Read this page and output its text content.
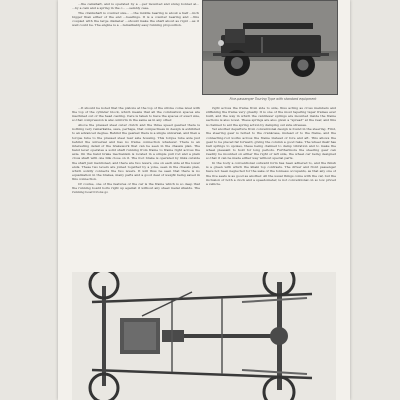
...the camshaft, and is operated by a ...per mounted and slung bonnet al... ...by a cam and a spring in the c... ...sembly case.

The crankshaft is counter size... ...the middle bearing is about a half ...inch bigger than either of the end ...bearings. It is a counter bearing and ...this coupled with the large diameter ...should make the shaft about as rigid ...as it well could be. The engine is a ...remarkably easy running proposition.

Five-passenger Touring Type with standard equipment

...It should be noted that the pistons at the top of the stroke come level with the top of the cylinder block, which means that all the combustion spaces are machined out of the head casting. Care is taken to have the spaces of exact size, so that compression is also uniform in the same as in any other.

Above the pressed steel outer clutch and the three speed gearset there is nothing very remarkable, save, perhaps, that compactness in design is exhibited to an advanced degree. Behind the gearset there is a single universal, and then a torque tube to the pressed steel rear axle housing. This torque tube axle just behind the universal and has no frame connection whatever. There is an interesting detail of the brakework that can be seen in the chassis plan. The hand lever operates a solid shaft running from frame to frame right across the axle. On the hand brake mechanism is located in a simple pull rod and a plain cross shaft with one link close on it. The foot brake is operated by links outside the shaft just mentioned, and there are two levers, one on each side at the lower ends. These two levers are joined together by a yoke, seen in the chassis plan, which solidly connects the two levers. It will thus be seen that there is no equalization in the brakes, many parts and a good deal of weight being saved in this connection.

Of course, one of the features of the car is the frame which is so deep that the running board bolts right up against it without any sheet metal shields. The running board irons go

right across the frame from side to side, thus acting as cross members and stiffening the frame very greatly. It is one of the most tapering taper frames ever built, and the way in which the cantilever springs are mounted inside the frame sections is also novel. These springs are also given a "spread" at the rear, and this is claimed to aid the spring action by damping out side stresses.

Yet another departure from conventional design is found in the steering. First, the steering gear is bolted to the crankcase, instead of to the frame, and the connecting-rod works across the frame instead of fore and aft. This allows the gear to be placed far forward, giving the column a good rake. The wheel itself has ball springs to spokes, these being claimed to damp vibration and to make the wheel pleasant to hold for long periods. Furthermore the steering gear can readily be mounted on either the right or left side, the wheel car being designed so that it can be made either way without special parts.

In the body a conventional outward form has been adhered to, and the finish is a green with which the khaki top contrasts. The driver and front passenger have not been neglected for the sake of the tonneau occupants, as that any one of the five seats is as good as another. All the usual things come with the car, but the inclusion of both a clock and a speedometer, is not conventional on so low priced a vehicle.
